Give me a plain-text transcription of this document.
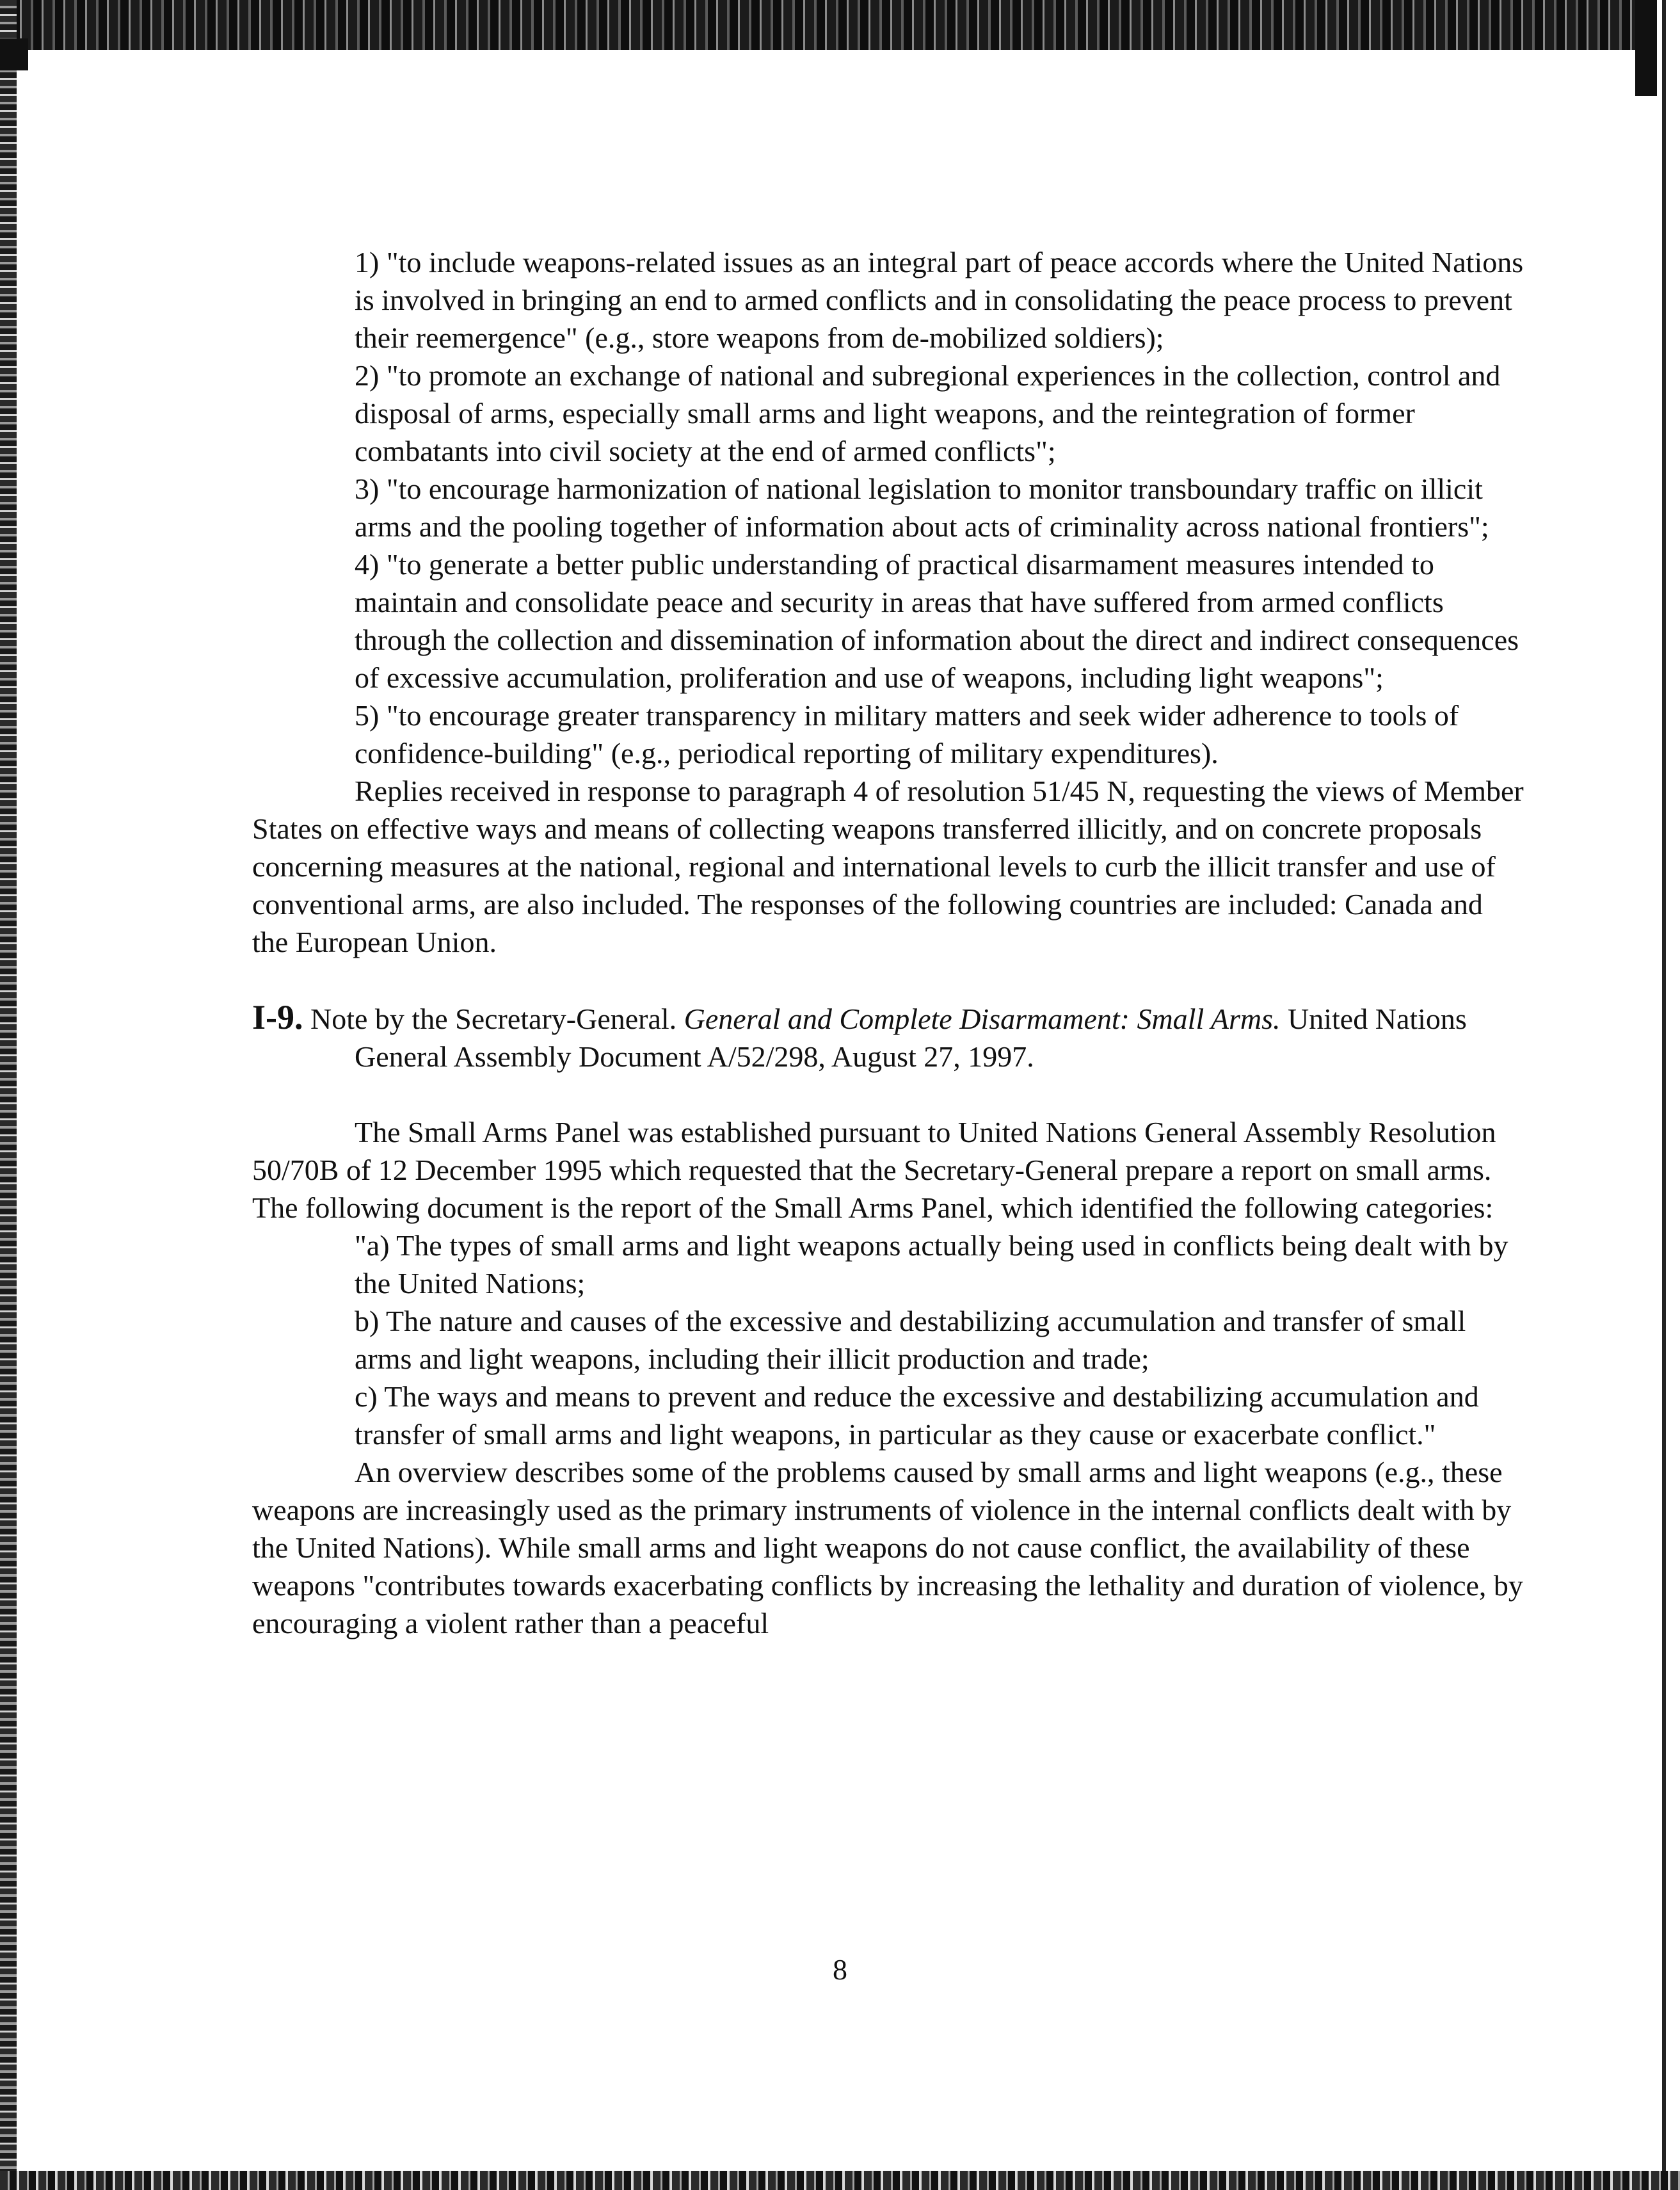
1) "to include weapons-related issues as an integral part of peace accords where the United Nations is involved in bringing an end to armed conflicts and in consolidating the peace process to prevent their reemergence" (e.g., store weapons from de-mobilized soldiers);

2) "to promote an exchange of national and subregional experiences in the collection, control and disposal of arms, especially small arms and light weapons, and the reintegration of former combatants into civil society at the end of armed conflicts";

3) "to encourage harmonization of national legislation to monitor transboundary traffic on illicit arms and the pooling together of information about acts of criminality across national frontiers";

4) "to generate a better public understanding of practical disarmament measures intended to maintain and consolidate peace and security in areas that have suffered from armed conflicts through the collection and dissemination of information about the direct and indirect consequences of excessive accumulation, proliferation and use of weapons, including light weapons";

5) "to encourage greater transparency in military matters and seek wider adherence to tools of confidence-building" (e.g., periodical reporting of military expenditures).

Replies received in response to paragraph 4 of resolution 51/45 N, requesting the views of Member States on effective ways and means of collecting weapons transferred illicitly, and on concrete proposals concerning measures at the national, regional and international levels to curb the illicit transfer and use of conventional arms, are also included. The responses of the following countries are included: Canada and the European Union.

I-9. Note by the Secretary-General. General and Complete Disarmament: Small Arms. United Nations General Assembly Document A/52/298, August 27, 1997.

The Small Arms Panel was established pursuant to United Nations General Assembly Resolution 50/70B of 12 December 1995 which requested that the Secretary-General prepare a report on small arms. The following document is the report of the Small Arms Panel, which identified the following categories:

"a) The types of small arms and light weapons actually being used in conflicts being dealt with by the United Nations;

b) The nature and causes of the excessive and destabilizing accumulation and transfer of small arms and light weapons, including their illicit production and trade;

c) The ways and means to prevent and reduce the excessive and destabilizing accumulation and transfer of small arms and light weapons, in particular as they cause or exacerbate conflict."

An overview describes some of the problems caused by small arms and light weapons (e.g., these weapons are increasingly used as the primary instruments of violence in the internal conflicts dealt with by the United Nations). While small arms and light weapons do not cause conflict, the availability of these weapons "contributes towards exacerbating conflicts by increasing the lethality and duration of violence, by encouraging a violent rather than a peaceful

8
